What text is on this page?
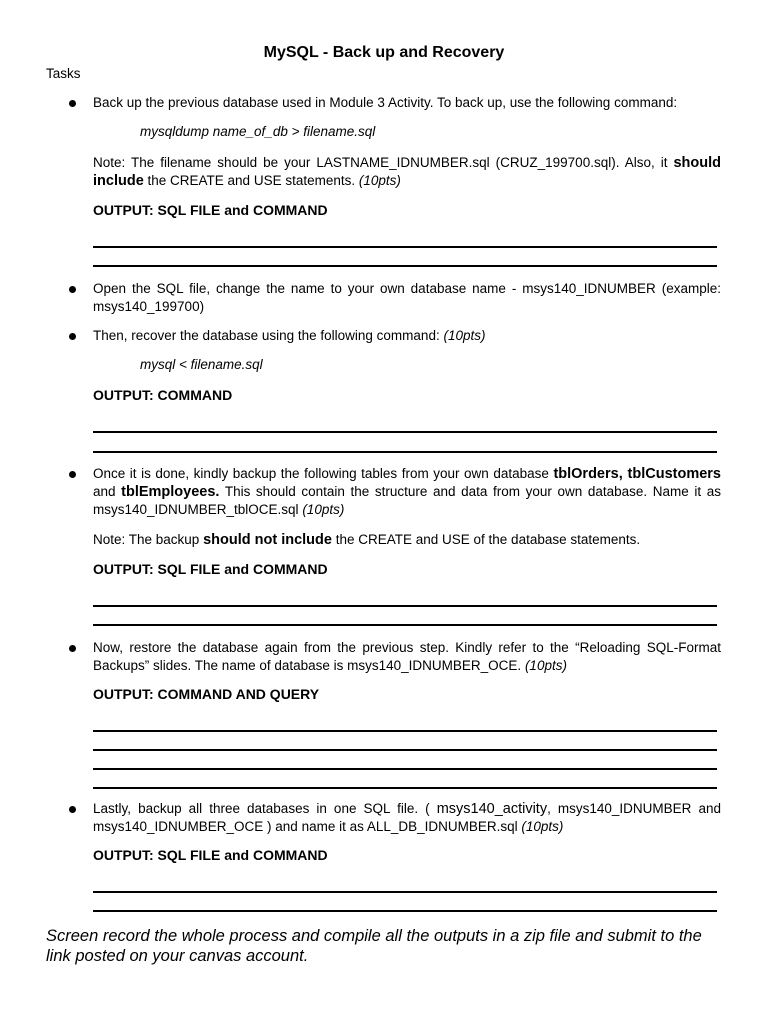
MySQL - Back up and Recovery
Tasks
Back up the previous database used in Module 3 Activity. To back up, use the following command:
mysqldump name_of_db > filename.sql
Note: The filename should be your LASTNAME_IDNUMBER.sql (CRUZ_199700.sql). Also, it should include the CREATE and USE statements. (10pts)
OUTPUT: SQL FILE and COMMAND
Open the SQL file, change the name to your own database name - msys140_IDNUMBER (example: msys140_199700)
Then, recover the database using the following command: (10pts)
mysql < filename.sql
OUTPUT: COMMAND
Once it is done, kindly backup the following tables from your own database tblOrders, tblCustomers and tblEmployees. This should contain the structure and data from your own database. Name it as msys140_IDNUMBER_tblOCE.sql (10pts)
Note: The backup should not include the CREATE and USE of the database statements.
OUTPUT: SQL FILE and COMMAND
Now, restore the database again from the previous step. Kindly refer to the “Reloading SQL-Format Backups” slides. The name of database is msys140_IDNUMBER_OCE. (10pts)
OUTPUT: COMMAND AND QUERY
Lastly, backup all three databases in one SQL file. ( msys140_activity, msys140_IDNUMBER and msys140_IDNUMBER_OCE ) and name it as ALL_DB_IDNUMBER.sql (10pts)
OUTPUT: SQL FILE and COMMAND
Screen record the whole process and compile all the outputs in a zip file and submit to the link posted on your canvas account.
